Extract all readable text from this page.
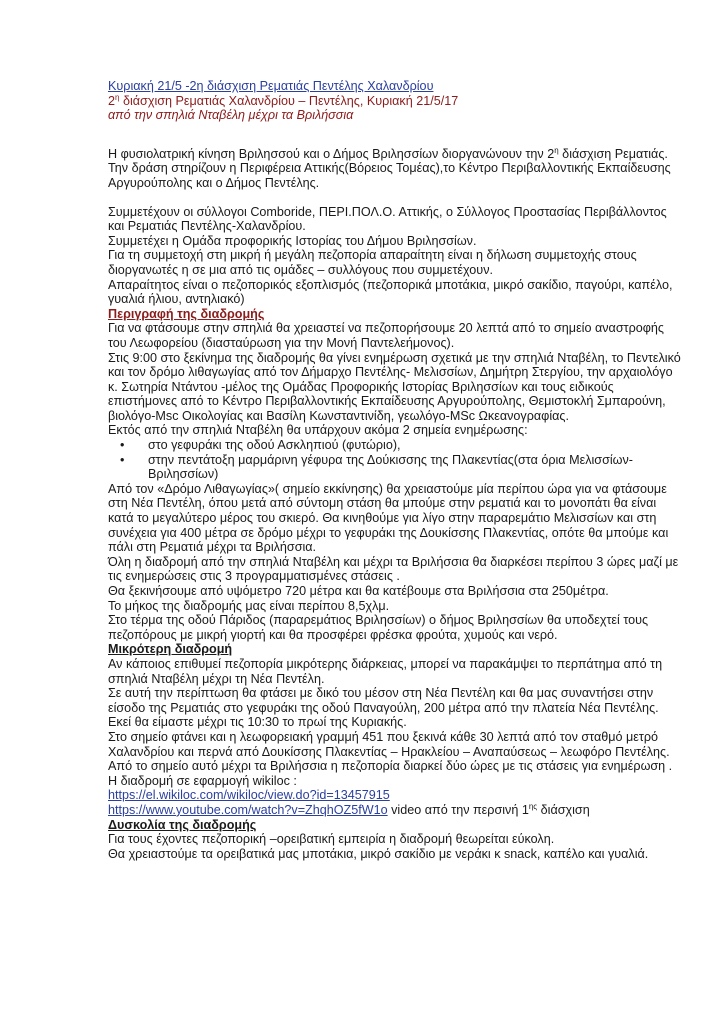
Κυριακή 21/5 -2η διάσχιση Ρεματιάς Πεντέλης Χαλανδρίου

$2^\eta$ διάσχιση Ρεματιάς Χαλανδρίου – Πεντέλης, Κυριακή 21/5/17

από την σπηλιά Νταβέλη μέχρι τα Βριλήσσια

Η φυσιολατρική κίνηση Βριλησσού και ο Δήμος Βριλησσίων διοργανώνουν την $2^\eta$ διάσχιση Ρεματιάς.

Την δράση στηρίζουν η Περιφέρεια Αττικής(Βόρειος Τομέας),το Κέντρο Περιβαλλοντικής Εκπαίδευσης Αργυρούπολης και ο Δήμος Πεντέλης.

Συμμετέχουν οι σύλλογοι Comboride, ΠΕΡΙ.ΠΟΛ.Ο. Αττικής, ο Σύλλογος Προστασίας Περιβάλλοντος και Ρεματιάς Πεντέλης-Χαλανδρίου.

Συμμετέχει η Ομάδα προφορικής Ιστορίας του Δήμου Βριλησσίων.

Για τη συμμετοχή στη μικρή ή μεγάλη πεζοπορία απαραίτητη είναι η δήλωση συμμετοχής στους διοργανωτές η σε μια από τις ομάδες – συλλόγους που συμμετέχουν.

Απαραίτητος είναι ο πεζοπορικός εξοπλισμός (πεζοπορικά μποτάκια, μικρό σακίδιο, παγούρι, καπέλο, γυαλιά ήλιου, αντηλιακό)

Περιγραφή της διαδρομής

Για να φτάσουμε στην σπηλιά θα χρειαστεί να πεζοπορήσουμε 20 λεπτά από το σημείο αναστροφής του Λεωφορείου (διασταύρωση για την Μονή Παντελεήμονος).

Στις 9:00 στο ξεκίνημα της διαδρομής θα γίνει ενημέρωση σχετικά με την σπηλιά Νταβέλη, το Πεντελικό και τον δρόμο λιθαγωγίας από τον Δήμαρχο Πεντέλης- Μελισσίων, Δημήτρη Στεργίου, την αρχαιολόγο κ. Σωτηρία Ντάντου -μέλος της Ομάδας Προφορικής Ιστορίας Βριλησσίων και τους ειδικούς επιστήμονες από το Κέντρο Περιβαλλοντικής Εκπαίδευσης Αργυρούπολης, Θεμιστοκλή Σμπαρούνη, βιολόγο-Msc Οικολογίας και Βασίλη Κωνσταντινίδη, γεωλόγο-MSc Ωκεανογραφίας.

Εκτός από την σπηλιά Νταβέλη θα υπάρχουν ακόμα 2 σημεία ενημέρωσης:

• στο γεφυράκι της οδού Ασκληπιού (φυτώριο),
• στην πεντάτοξη μαρμάρινη γέφυρα της Δούκισσης της Πλακεντίας(στα όρια Μελισσίων-Βριλησσίων)

Από τον «Δρόμο Λιθαγωγίας»( σημείο εκκίνησης) θα χρειαστούμε μία περίπου ώρα για να φτάσουμε στη Νέα Πεντέλη, όπου μετά από σύντομη στάση θα μπούμε στην ρεματιά και το μονοπάτι θα είναι κατά το μεγαλύτερο μέρος του σκιερό. Θα κινηθούμε για λίγο στην παραρεμάτιο Μελισσίων και στη συνέχεια για 400 μέτρα σε δρόμο μέχρι το γεφυράκι της Δουκίσσης Πλακεντίας, οπότε θα μπούμε και πάλι στη Ρεματιά μέχρι τα Βριλήσσια.

Όλη η διαδρομή από την σπηλιά Νταβέλη και μέχρι τα Βριλήσσια θα διαρκέσει περίπου 3 ώρες μαζί με τις ενημερώσεις στις 3 προγραμματισμένες στάσεις .

Θα ξεκινήσουμε από υψόμετρο 720 μέτρα και θα κατέβουμε στα Βριλήσσια στα 250μέτρα.

Το μήκος της διαδρομής μας είναι περίπου 8,5χλμ.

Στο τέρμα της οδού Πάριδος (παραρεμάτιος Βριλησσίων) ο δήμος Βριλησσίων θα υποδεχτεί τους πεζοπόρους με μικρή γιορτή και θα προσφέρει φρέσκα φρούτα, χυμούς και νερό.

Μικρότερη διαδρομή

Αν κάποιος επιθυμεί πεζοπορία μικρότερης διάρκειας, μπορεί να παρακάμψει το περπάτημα από τη σπηλιά Νταβέλη μέχρι τη Νέα Πεντέλη.

Σε αυτή την περίπτωση θα φτάσει με δικό του μέσον στη Νέα Πεντέλη και θα μας συναντήσει στην είσοδο της Ρεματιάς στο γεφυράκι της οδού Παναγούλη, 200 μέτρα από την πλατεία Νέα Πεντέλης.

Εκεί θα είμαστε μέχρι τις 10:30 το πρωί της Κυριακής.

Στο σημείο φτάνει και η λεωφορειακή γραμμή 451 που ξεκινά κάθε 30 λεπτά από τον σταθμό μετρό Χαλανδρίου και περνά από Δουκίσσης Πλακεντίας – Ηρακλείου – Αναπαύσεως – λεωφόρο Πεντέλης.

Από το σημείο αυτό μέχρι τα Βριλήσσια η πεζοπορία διαρκεί δύο ώρες με τις στάσεις για ενημέρωση .

Η διαδρομή σε εφαρμογή wikiloc :

https://el.wikiloc.com/wikiloc/view.do?id=13457915

https://www.youtube.com/watch?v=ZhqhOZ5fW1o video από την περσινή $1^{\eta\varsigma}$ διάσχιση

Δυσκολία της διαδρομής

Για τους έχοντες πεζοπορική –ορειβατική εμπειρία η διαδρομή θεωρείται εύκολη.

Θα χρειαστούμε τα ορειβατικά μας μποτάκια, μικρό σακίδιο με νεράκι κ snack, καπέλο και γυαλιά.
